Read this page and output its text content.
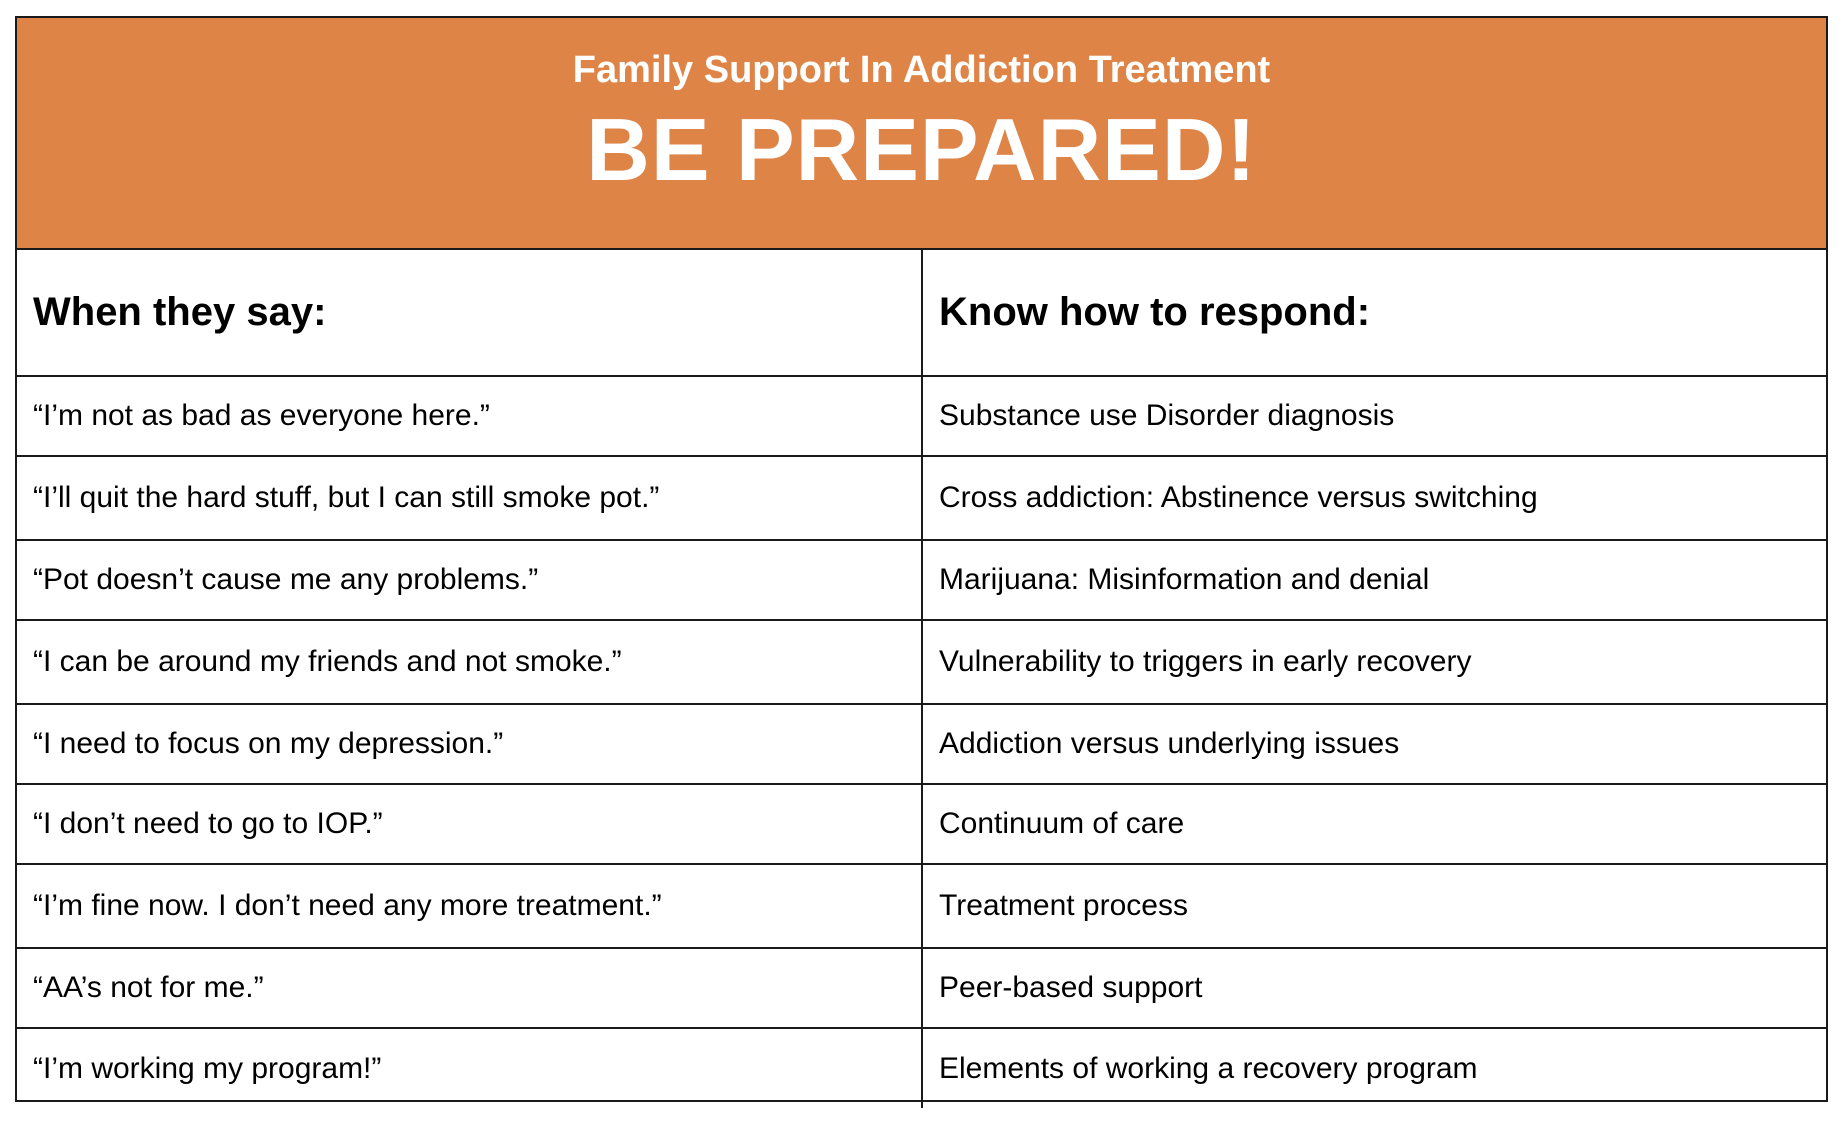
Family Support In Addiction Treatment
BE PREPARED!
When they say:	Know how to respond:
“I’m not as bad as everyone here.”	Substance use Disorder diagnosis
“I’ll quit the hard stuff, but I can still smoke pot.”	Cross addiction: Abstinence versus switching
“Pot doesn’t cause me any problems.”	Marijuana: Misinformation and denial
“I can be around my friends and not smoke.”	Vulnerability to triggers in early recovery
“I need to focus on my depression.”	Addiction versus underlying issues
“I don’t need to go to IOP.”	Continuum of care
“I’m fine now. I don’t need any more treatment.”	Treatment process
“AA’s not for me.”	Peer-based support
“I’m working my program!”	Elements of working a recovery program
